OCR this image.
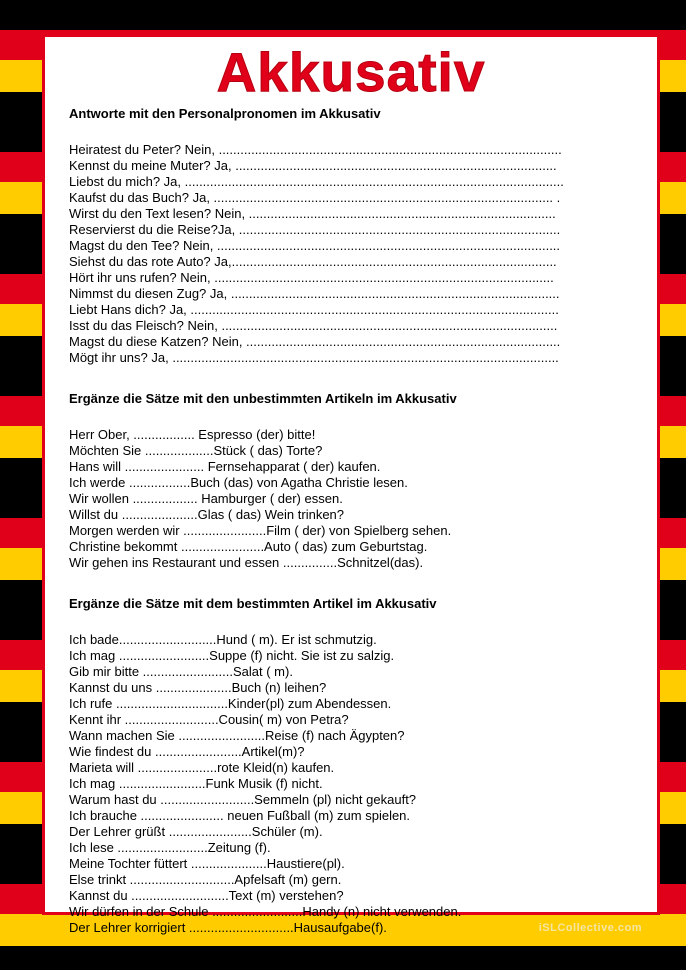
Akkusativ
Antworte mit den Personalpronomen im Akkusativ
Heiratest du Peter? Nein, ...............................................................................................
Kennst du meine Muter? Ja, .........................................................................................
Liebst du mich? Ja, .........................................................................................................
Kaufst du das Buch? Ja, .............................................................................................. .
Wirst du den Text lesen? Nein, .....................................................................................
Reservierst du die Reise?Ja, .........................................................................................
Magst du den Tee? Nein, ...............................................................................................
Siehst du das rote Auto? Ja,..........................................................................................
Hört ihr uns rufen? Nein, ..............................................................................................
Nimmst du diesen Zug? Ja, ...........................................................................................
Liebt Hans dich? Ja, ......................................................................................................
Isst du das Fleisch? Nein, .............................................................................................
Magst du diese Katzen? Nein, .......................................................................................
Mögt ihr uns? Ja, ...........................................................................................................
Ergänze die Sätze mit den unbestimmten Artikeln im Akkusativ
Herr Ober, ................. Espresso (der) bitte!
Möchten Sie ...................Stück ( das) Torte?
Hans will ...................... Fernsehapparat ( der) kaufen.
Ich werde .................Buch (das) von Agatha Christie lesen.
Wir wollen .................. Hamburger ( der) essen.
Willst du .....................Glas ( das) Wein trinken?
Morgen werden wir .......................Film ( der) von Spielberg sehen.
Christine bekommt .......................Auto ( das) zum Geburtstag.
Wir gehen ins Restaurant und essen ...............Schnitzel(das).
Ergänze die Sätze mit dem bestimmten Artikel im Akkusativ
Ich bade...........................Hund ( m). Er ist schmutzig.
Ich mag .........................Suppe (f) nicht. Sie ist zu salzig.
Gib mir bitte .........................Salat ( m).
Kannst du uns .....................Buch (n) leihen?
Ich rufe ...............................Kinder(pl) zum Abendessen.
Kennt ihr ..........................Cousin( m) von Petra?
Wann machen Sie ........................Reise (f) nach Ägypten?
Wie findest du ........................Artikel(m)?
Marieta will ......................rote Kleid(n) kaufen.
Ich mag ........................Funk Musik (f) nicht.
Warum hast du ..........................Semmeln (pl) nicht gekauft?
Ich brauche ....................... neuen Fußball (m) zum spielen.
Der Lehrer grüßt .......................Schüler (m).
Ich lese .........................Zeitung (f).
Meine Tochter füttert .....................Haustiere(pl).
Else trinkt .............................Apfelsaft (m) gern.
Kannst du ...........................Text (m) verstehen?
Wir dürfen in der Schule .........................Handy (n) nicht verwenden.
Der Lehrer korrigiert .............................Hausaufgabe(f).	iSLCollective.com
